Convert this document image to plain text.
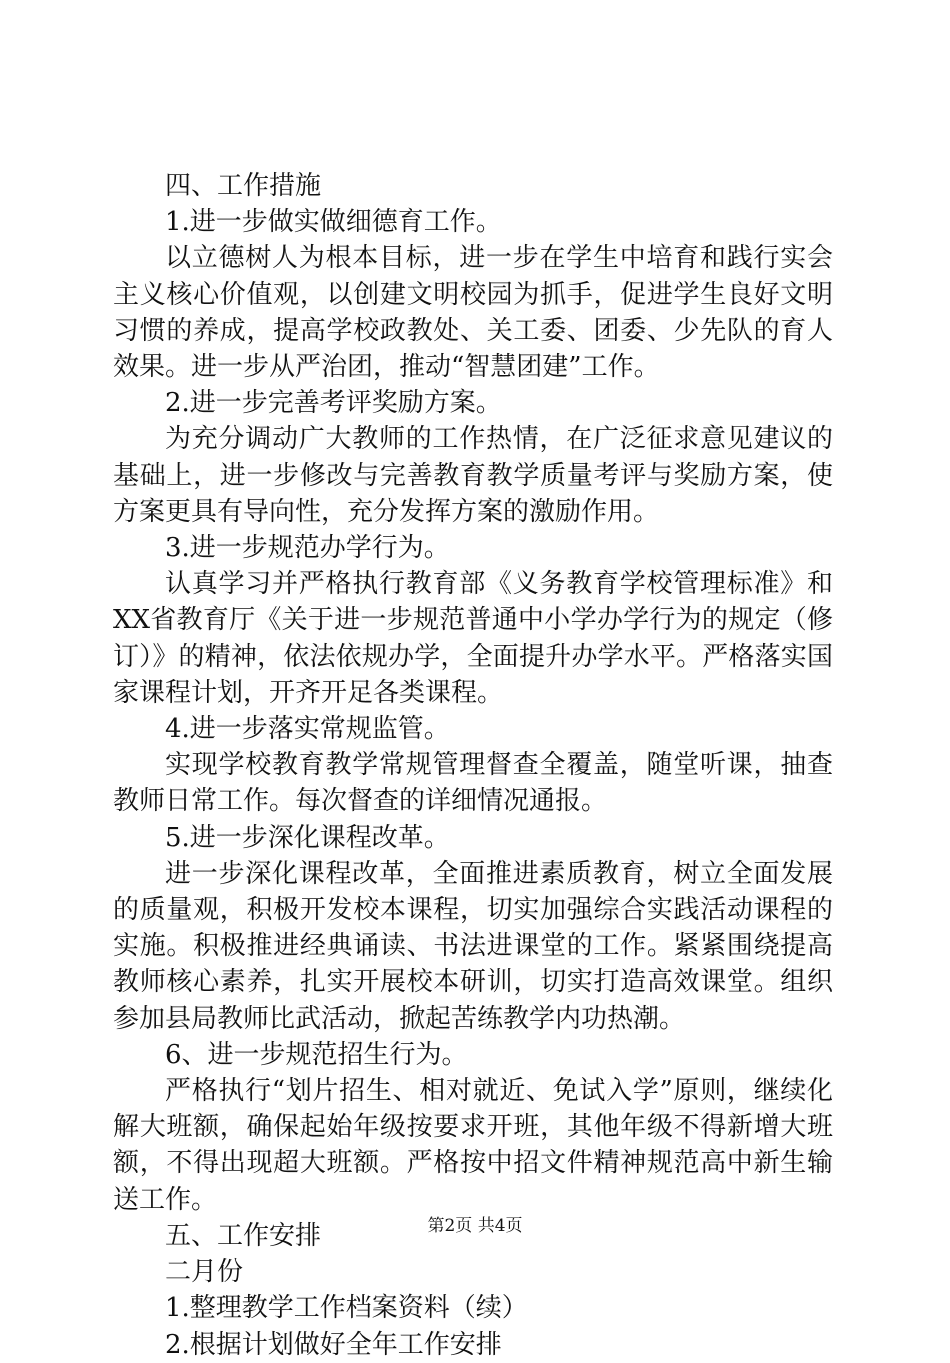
四、工作措施

1.进一步做实做细德育工作。

以立德树人为根本目标，进一步在学生中培育和践行实会主义核心价值观，以创建文明校园为抓手，促进学生良好文明习惯的养成，提高学校政教处、关工委、团委、少先队的育人效果。进一步从严治团，推动“智慧团建”工作。

2.进一步完善考评奖励方案。

为充分调动广大教师的工作热情，在广泛征求意见建议的基础上，进一步修改与完善教育教学质量考评与奖励方案，使方案更具有导向性，充分发挥方案的激励作用。

3.进一步规范办学行为。

认真学习并严格执行教育部《义务教育学校管理标准》和XX省教育厅《关于进一步规范普通中小学办学行为的规定（修订）》的精神，依法依规办学，全面提升办学水平。严格落实国家课程计划，开齐开足各类课程。

4.进一步落实常规监管。

实现学校教育教学常规管理督查全覆盖，随堂听课，抽查教师日常工作。每次督查的详细情况通报。

5.进一步深化课程改革。

进一步深化课程改革，全面推进素质教育，树立全面发展的质量观，积极开发校本课程，切实加强综合实践活动课程的实施。积极推进经典诵读、书法进课堂的工作。紧紧围绕提高教师核心素养，扎实开展校本研训，切实打造高效课堂。组织参加县局教师比武活动，掀起苦练教学内功热潮。

6、进一步规范招生行为。

严格执行“划片招生、相对就近、免试入学”原则，继续化解大班额，确保起始年级按要求开班，其他年级不得新增大班额，不得出现超大班额。严格按中招文件精神规范高中新生输送工作。

五、工作安排

二月份

1.整理教学工作档案资料（续）

2.根据计划做好全年工作安排

第2页 共4页
